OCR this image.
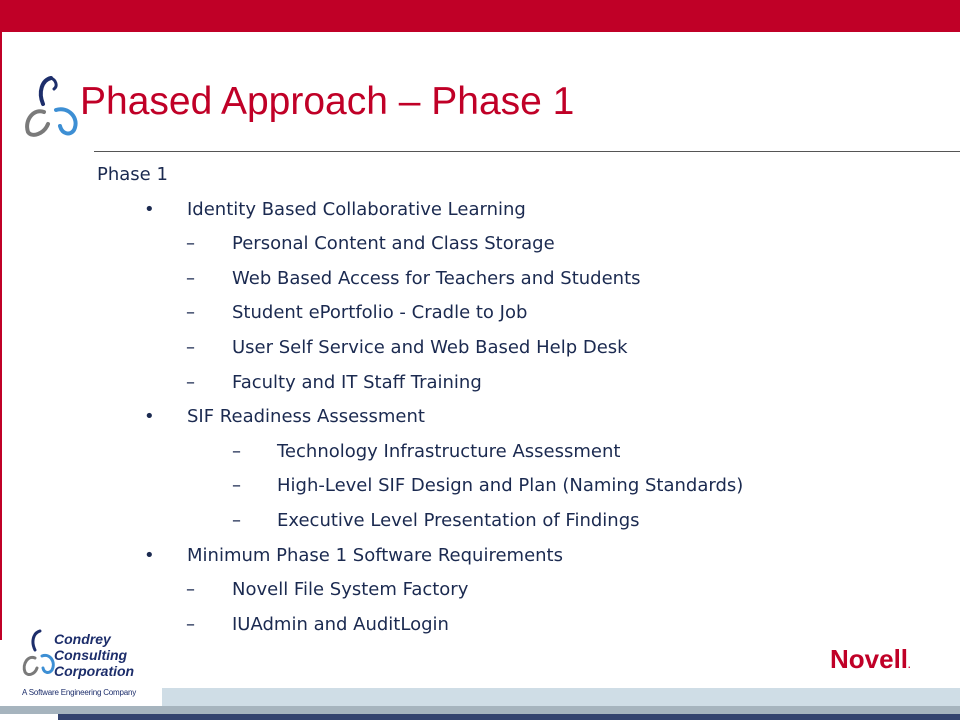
Phased Approach – Phase 1
Phase 1
• Identity Based Collaborative Learning
– Personal Content and Class Storage
– Web Based Access for Teachers and Students
– Student ePortfolio - Cradle to Job
– User Self Service and Web Based Help Desk
– Faculty and IT Staff Training
• SIF Readiness Assessment
– Technology Infrastructure Assessment
– High-Level SIF Design and Plan (Naming Standards)
– Executive Level Presentation of Findings
• Minimum Phase 1 Software Requirements
– Novell File System Factory
– IUAdmin and AuditLogin
Condrey
Consulting
Corporation
A Software Engineering Company
Novell.
